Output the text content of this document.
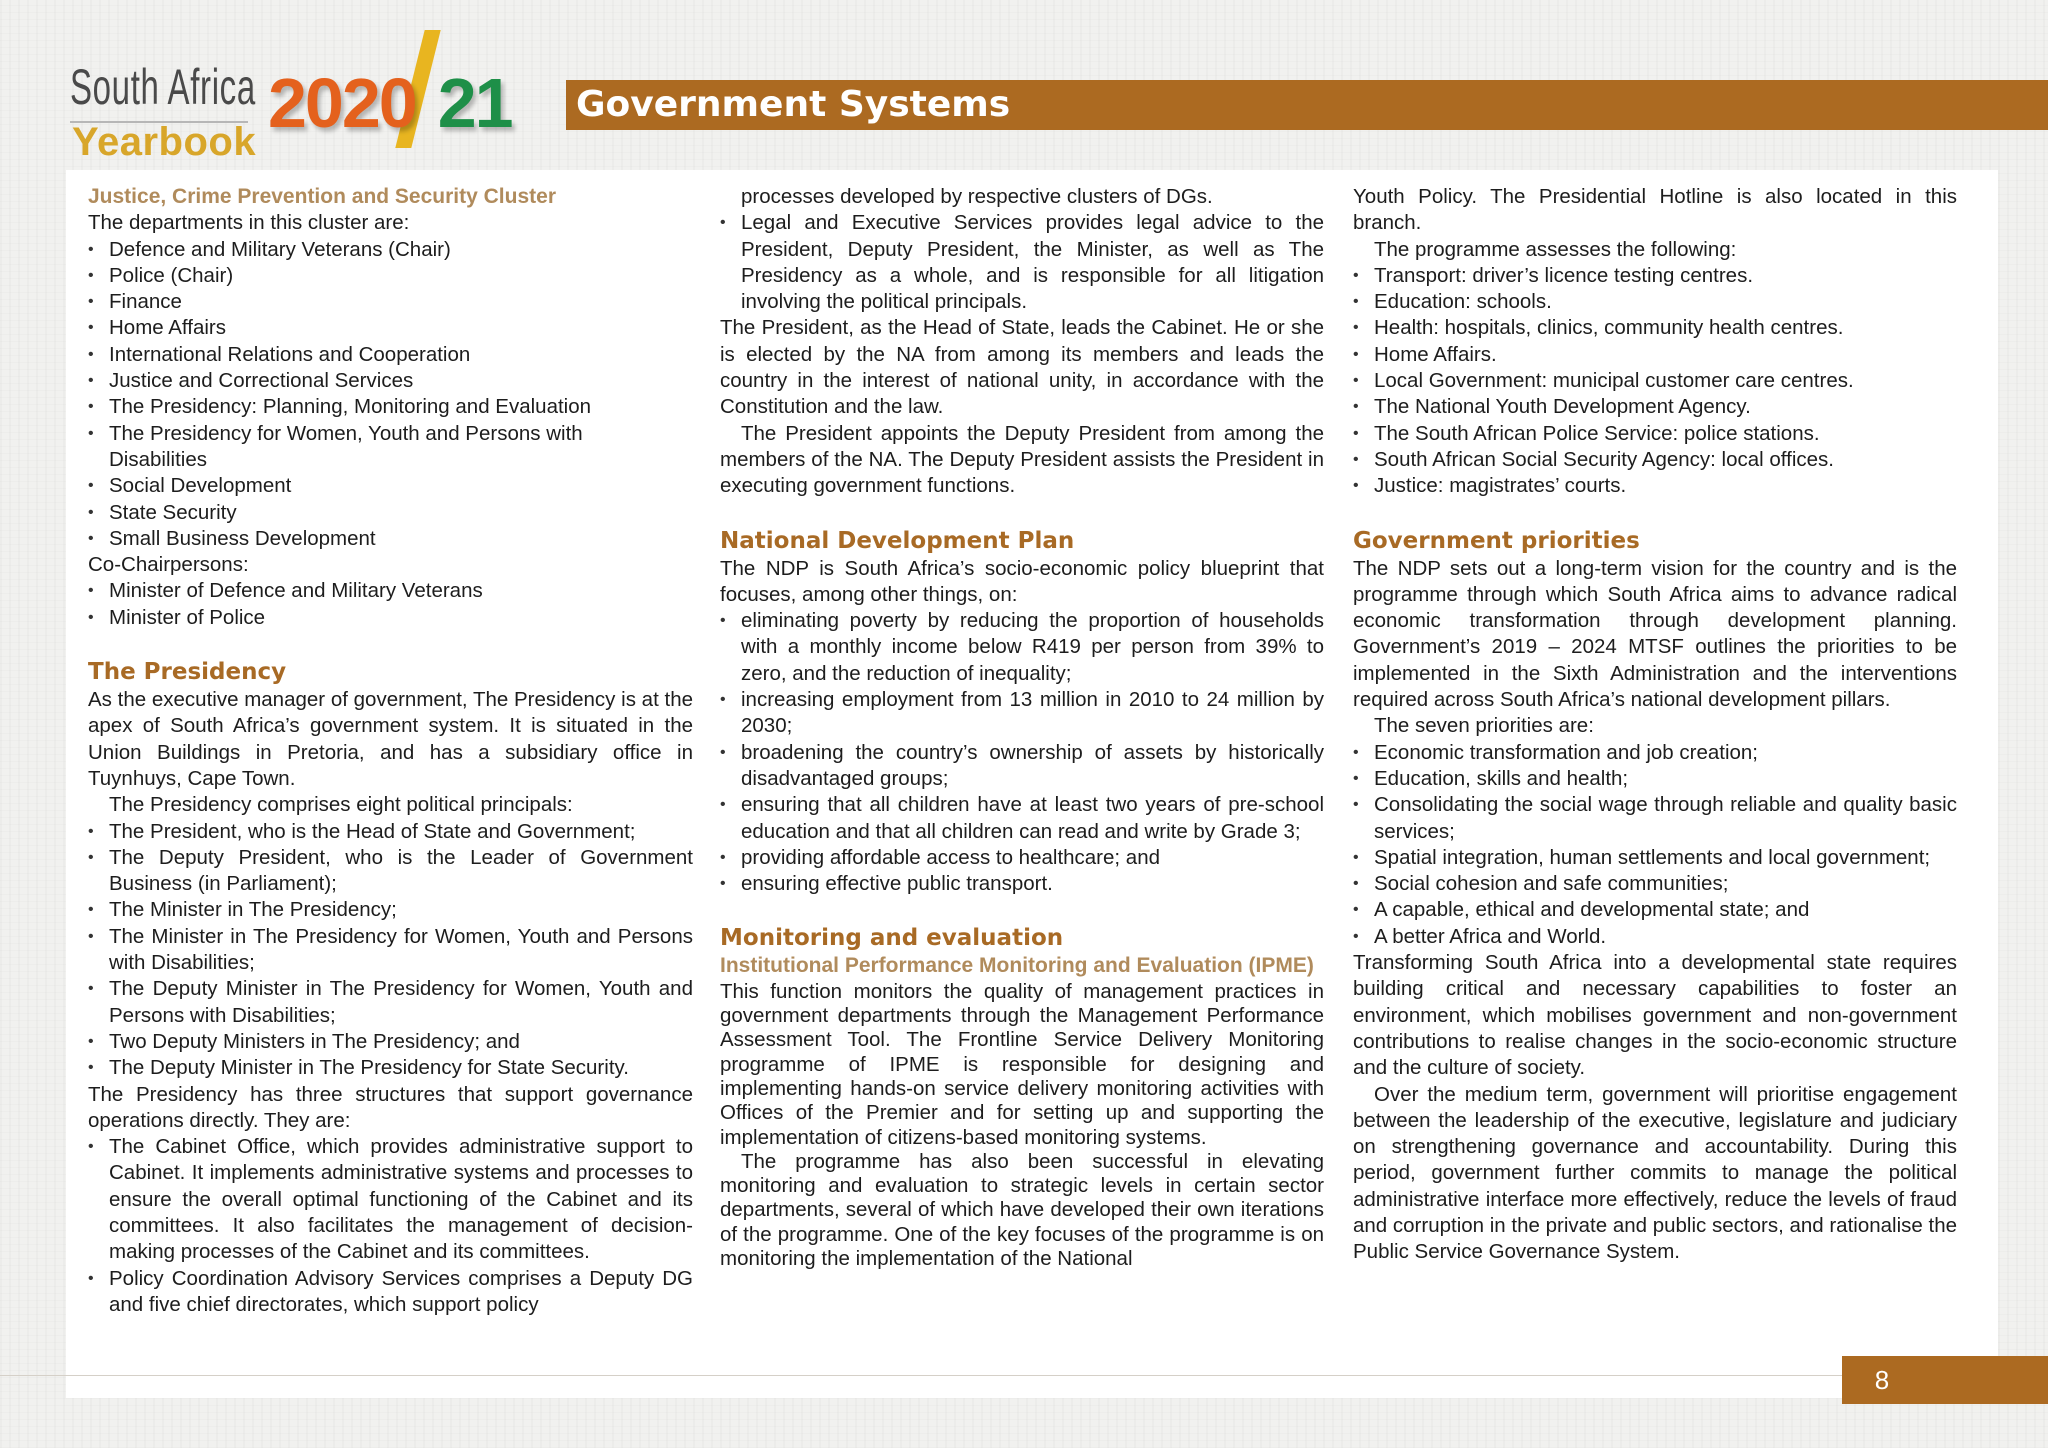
South Africa
Yearbook 2020 21 Government Systems

Justice, Crime Prevention and Security Cluster

The departments in this cluster are:

• Defence and Military Veterans (Chair)
• Police (Chair)
• Finance
• Home Affairs
• International Relations and Cooperation
• Justice and Correctional Services
• The Presidency: Planning, Monitoring and Evaluation
• The Presidency for Women, Youth and Persons with Disabilities
• Social Development
• State Security
• Small Business Development

Co-Chairpersons:

• Minister of Defence and Military Veterans
• Minister of Police

The Presidency

As the executive manager of government, The Presidency is at the apex of South Africa’s government system. It is situated in the Union Buildings in Pretoria, and has a subsidiary office in Tuynhuys, Cape Town.

The Presidency comprises eight political principals:

• The President, who is the Head of State and Government;
• The Deputy President, who is the Leader of Government Business (in Parliament);
• The Minister in The Presidency;
• The Minister in The Presidency for Women, Youth and Persons with Disabilities;
• The Deputy Minister in The Presidency for Women, Youth and Persons with Disabilities;
• Two Deputy Ministers in The Presidency; and
• The Deputy Minister in The Presidency for State Security.

The Presidency has three structures that support governance operations directly. They are:

• The Cabinet Office, which provides administrative support to Cabinet. It implements administrative systems and processes to ensure the overall optimal functioning of the Cabinet and its committees. It also facilitates the management of decision-making processes of the Cabinet and its committees.
• Policy Coordination Advisory Services comprises a Deputy DG and five chief directorates, which support policy

processes developed by respective clusters of DGs.

• Legal and Executive Services provides legal advice to the President, Deputy President, the Minister, as well as The Presidency as a whole, and is responsible for all litigation involving the political principals.

The President, as the Head of State, leads the Cabinet. He or she is elected by the NA from among its members and leads the country in the interest of national unity, in accordance with the Constitution and the law.

The President appoints the Deputy President from among the members of the NA. The Deputy President assists the President in executing government functions.

National Development Plan

The NDP is South Africa’s socio-economic policy blueprint that focuses, among other things, on:

• eliminating poverty by reducing the proportion of households with a monthly income below R419 per person from 39% to zero, and the reduction of inequality;
• increasing employment from 13 million in 2010 to 24 million by 2030;
• broadening the country’s ownership of assets by historically disadvantaged groups;
• ensuring that all children have at least two years of pre-school education and that all children can read and write by Grade 3;
• providing affordable access to healthcare; and
• ensuring effective public transport.

Monitoring and evaluation

Institutional Performance Monitoring and Evaluation (IPME)

This function monitors the quality of management practices in government departments through the Management Performance Assessment Tool. The Frontline Service Delivery Monitoring programme of IPME is responsible for designing and implementing hands-on service delivery monitoring activities with Offices of the Premier and for setting up and supporting the implementation of citizens-based monitoring systems.

The programme has also been successful in elevating monitoring and evaluation to strategic levels in certain sector departments, several of which have developed their own iterations of the programme. One of the key focuses of the programme is on monitoring the implementation of the National

Youth Policy. The Presidential Hotline is also located in this branch.

The programme assesses the following:

• Transport: driver’s licence testing centres.
• Education: schools.
• Health: hospitals, clinics, community health centres.
• Home Affairs.
• Local Government: municipal customer care centres.
• The National Youth Development Agency.
• The South African Police Service: police stations.
• South African Social Security Agency: local offices.
• Justice: magistrates’ courts.

Government priorities

The NDP sets out a long-term vision for the country and is the programme through which South Africa aims to advance radical economic transformation through development planning. Government’s 2019 – 2024 MTSF outlines the priorities to be implemented in the Sixth Administration and the interventions required across South Africa’s national development pillars.

The seven priorities are:

• Economic transformation and job creation;
• Education, skills and health;
• Consolidating the social wage through reliable and quality basic services;
• Spatial integration, human settlements and local government;
• Social cohesion and safe communities;
• A capable, ethical and developmental state; and
• A better Africa and World.

Transforming South Africa into a developmental state requires building critical and necessary capabilities to foster an environment, which mobilises government and non-government contributions to realise changes in the socio-economic structure and the culture of society.

Over the medium term, government will prioritise engagement between the leadership of the executive, legislature and judiciary on strengthening governance and accountability. During this period, government further commits to manage the political administrative interface more effectively, reduce the levels of fraud and corruption in the private and public sectors, and rationalise the Public Service Governance System.

8
